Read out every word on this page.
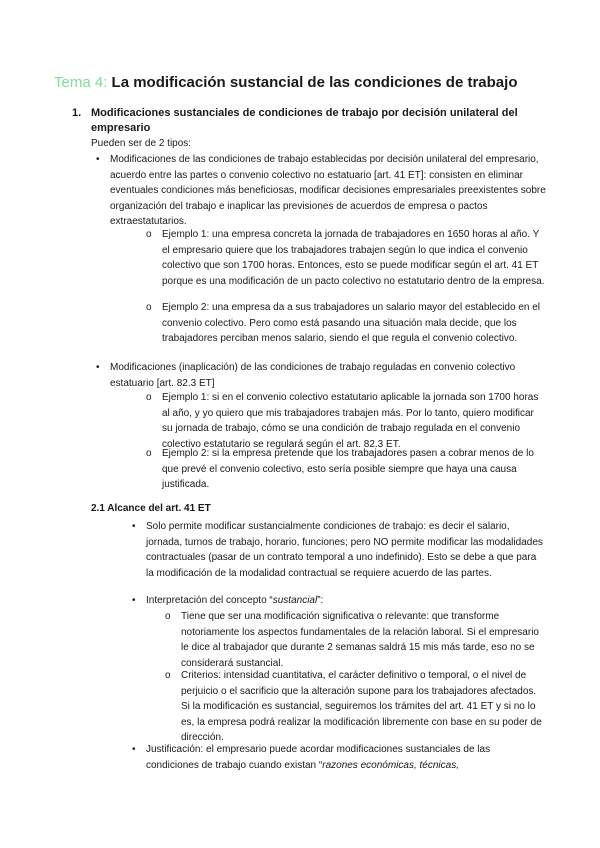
Tema 4: La modificación sustancial de las condiciones de trabajo
1. Modificaciones sustanciales de condiciones de trabajo por decisión unilateral del empresario
Pueden ser de 2 tipos:
• Modificaciones de las condiciones de trabajo establecidas por decisión unilateral del empresario, acuerdo entre las partes o convenio colectivo no estatuario [art. 41 ET]: consisten en eliminar eventuales condiciones más beneficiosas, modificar decisiones empresariales preexistentes sobre organización del trabajo e inaplicar las previsiones de acuerdos de empresa o pactos extraestatutarios.
o Ejemplo 1: una empresa concreta la jornada de trabajadores en 1650 horas al año. Y el empresario quiere que los trabajadores trabajen según lo que indica el convenio colectivo que son 1700 horas. Entonces, esto se puede modificar según el art. 41 ET porque es una modificación de un pacto colectivo no estatutario dentro de la empresa.
o Ejemplo 2: una empresa da a sus trabajadores un salario mayor del establecido en el convenio colectivo. Pero como está pasando una situación mala decide, que los trabajadores perciban menos salario, siendo el que regula el convenio colectivo.
• Modificaciones (inaplicación) de las condiciones de trabajo reguladas en convenio colectivo estatuario [art. 82.3 ET]
o Ejemplo 1: si en el convenio colectivo estatutario aplicable la jornada son 1700 horas al año, y yo quiero que mis trabajadores trabajen más. Por lo tanto, quiero modificar su jornada de trabajo, cómo se una condición de trabajo regulada en el convenio colectivo estatutario se regulará según el art. 82.3 ET.
o Ejemplo 2: si la empresa pretende que los trabajadores pasen a cobrar menos de lo que prevé el convenio colectivo, esto sería posible siempre que haya una causa justificada.
2.1 Alcance del art. 41 ET
• Solo permite modificar sustancialmente condiciones de trabajo: es decir el salario, jornada, turnos de trabajo, horario, funciones; pero NO permite modificar las modalidades contractuales (pasar de un contrato temporal a uno indefinido). Esto se debe a que para la modificación de la modalidad contractual se requiere acuerdo de las partes.
• Interpretación del concepto “sustancial”:
o Tiene que ser una modificación significativa o relevante: que transforme notoriamente los aspectos fundamentales de la relación laboral. Si el empresario le dice al trabajador que durante 2 semanas saldrá 15 mis más tarde, eso no se considerará sustancial.
o Criterios: intensidad cuantitativa, el carácter definitivo o temporal, o el nivel de perjuicio o el sacrificio que la alteración supone para los trabajadores afectados. Si la modificación es sustancial, seguiremos los trámites del art. 41 ET y si no lo es, la empresa podrá realizar la modificación libremente con base en su poder de dirección.
• Justificación: el empresario puede acordar modificaciones sustanciales de las condiciones de trabajo cuando existan “razones económicas, técnicas,
